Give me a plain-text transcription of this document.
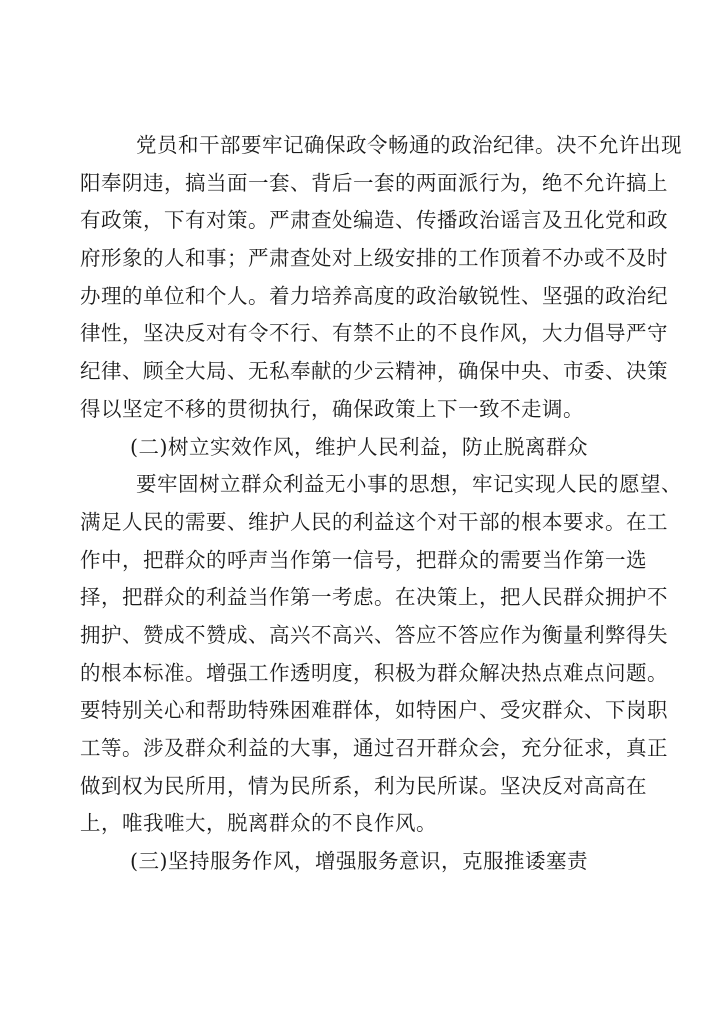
党员和干部要牢记确保政令畅通的政治纪律。决不允许出现
阳奉阴违，搞当面一套、背后一套的两面派行为，绝不允许搞上
有政策，下有对策。严肃查处编造、传播政治谣言及丑化党和政
府形象的人和事；严肃查处对上级安排的工作顶着不办或不及时
办理的单位和个人。着力培养高度的政治敏锐性、坚强的政治纪
律性，坚决反对有令不行、有禁不止的不良作风，大力倡导严守
纪律、顾全大局、无私奉献的少云精神，确保中央、市委、决策
得以坚定不移的贯彻执行，确保政策上下一致不走调。
(二)树立实效作风，维护人民利益，防止脱离群众
要牢固树立群众利益无小事的思想，牢记实现人民的愿望、
满足人民的需要、维护人民的利益这个对干部的根本要求。在工
作中，把群众的呼声当作第一信号，把群众的需要当作第一选
择，把群众的利益当作第一考虑。在决策上，把人民群众拥护不
拥护、赞成不赞成、高兴不高兴、答应不答应作为衡量利弊得失
的根本标准。增强工作透明度，积极为群众解决热点难点问题。
要特别关心和帮助特殊困难群体，如特困户、受灾群众、下岗职
工等。涉及群众利益的大事，通过召开群众会，充分征求，真正
做到权为民所用，情为民所系，利为民所谋。坚决反对高高在
上，唯我唯大，脱离群众的不良作风。
(三)坚持服务作风，增强服务意识，克服推诿塞责
